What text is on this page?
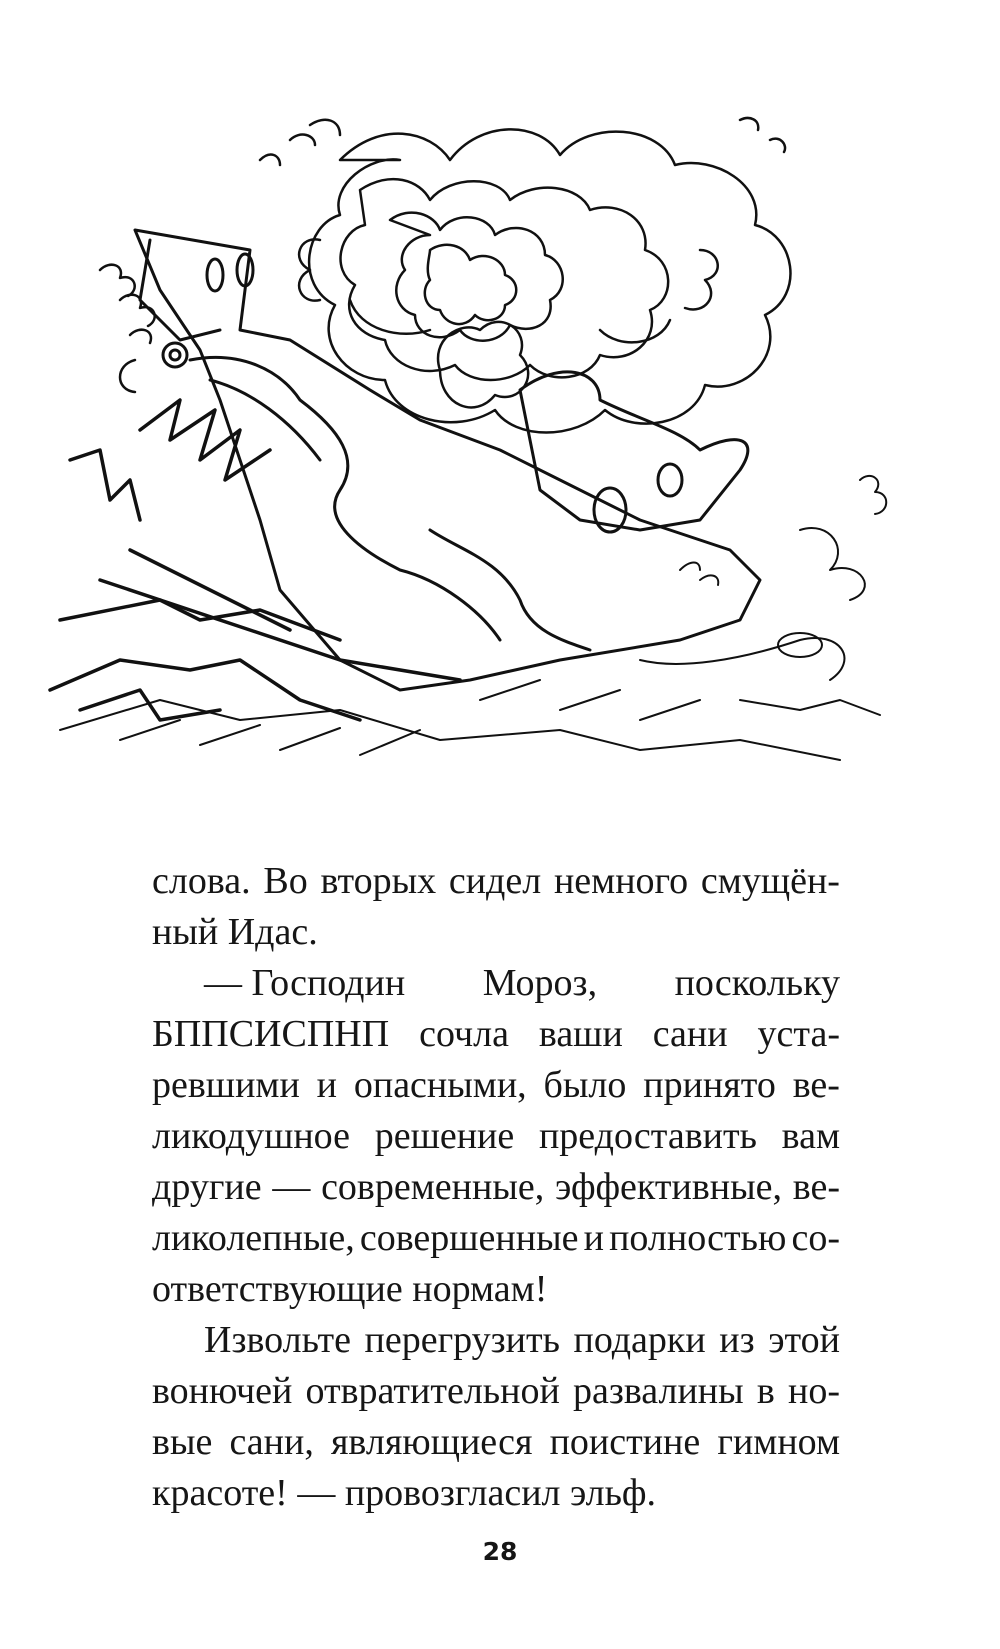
слова. Во вторых сидел немного смущён-
ный Идас.
— Господин Мороз, поскольку
БППСИСПНП сочла ваши сани уста-
ревшими и опасными, было принято ве-
ликодушное решение предоставить вам
другие — современные, эффективные, ве-
ликолепные, совершенные и полностью со-
ответствующие нормам!
Извольте перегрузить подарки из этой
вонючей отвратительной развалины в но-
вые сани, являющиеся поистине гимном
красоте! — провозгласил эльф.
28
